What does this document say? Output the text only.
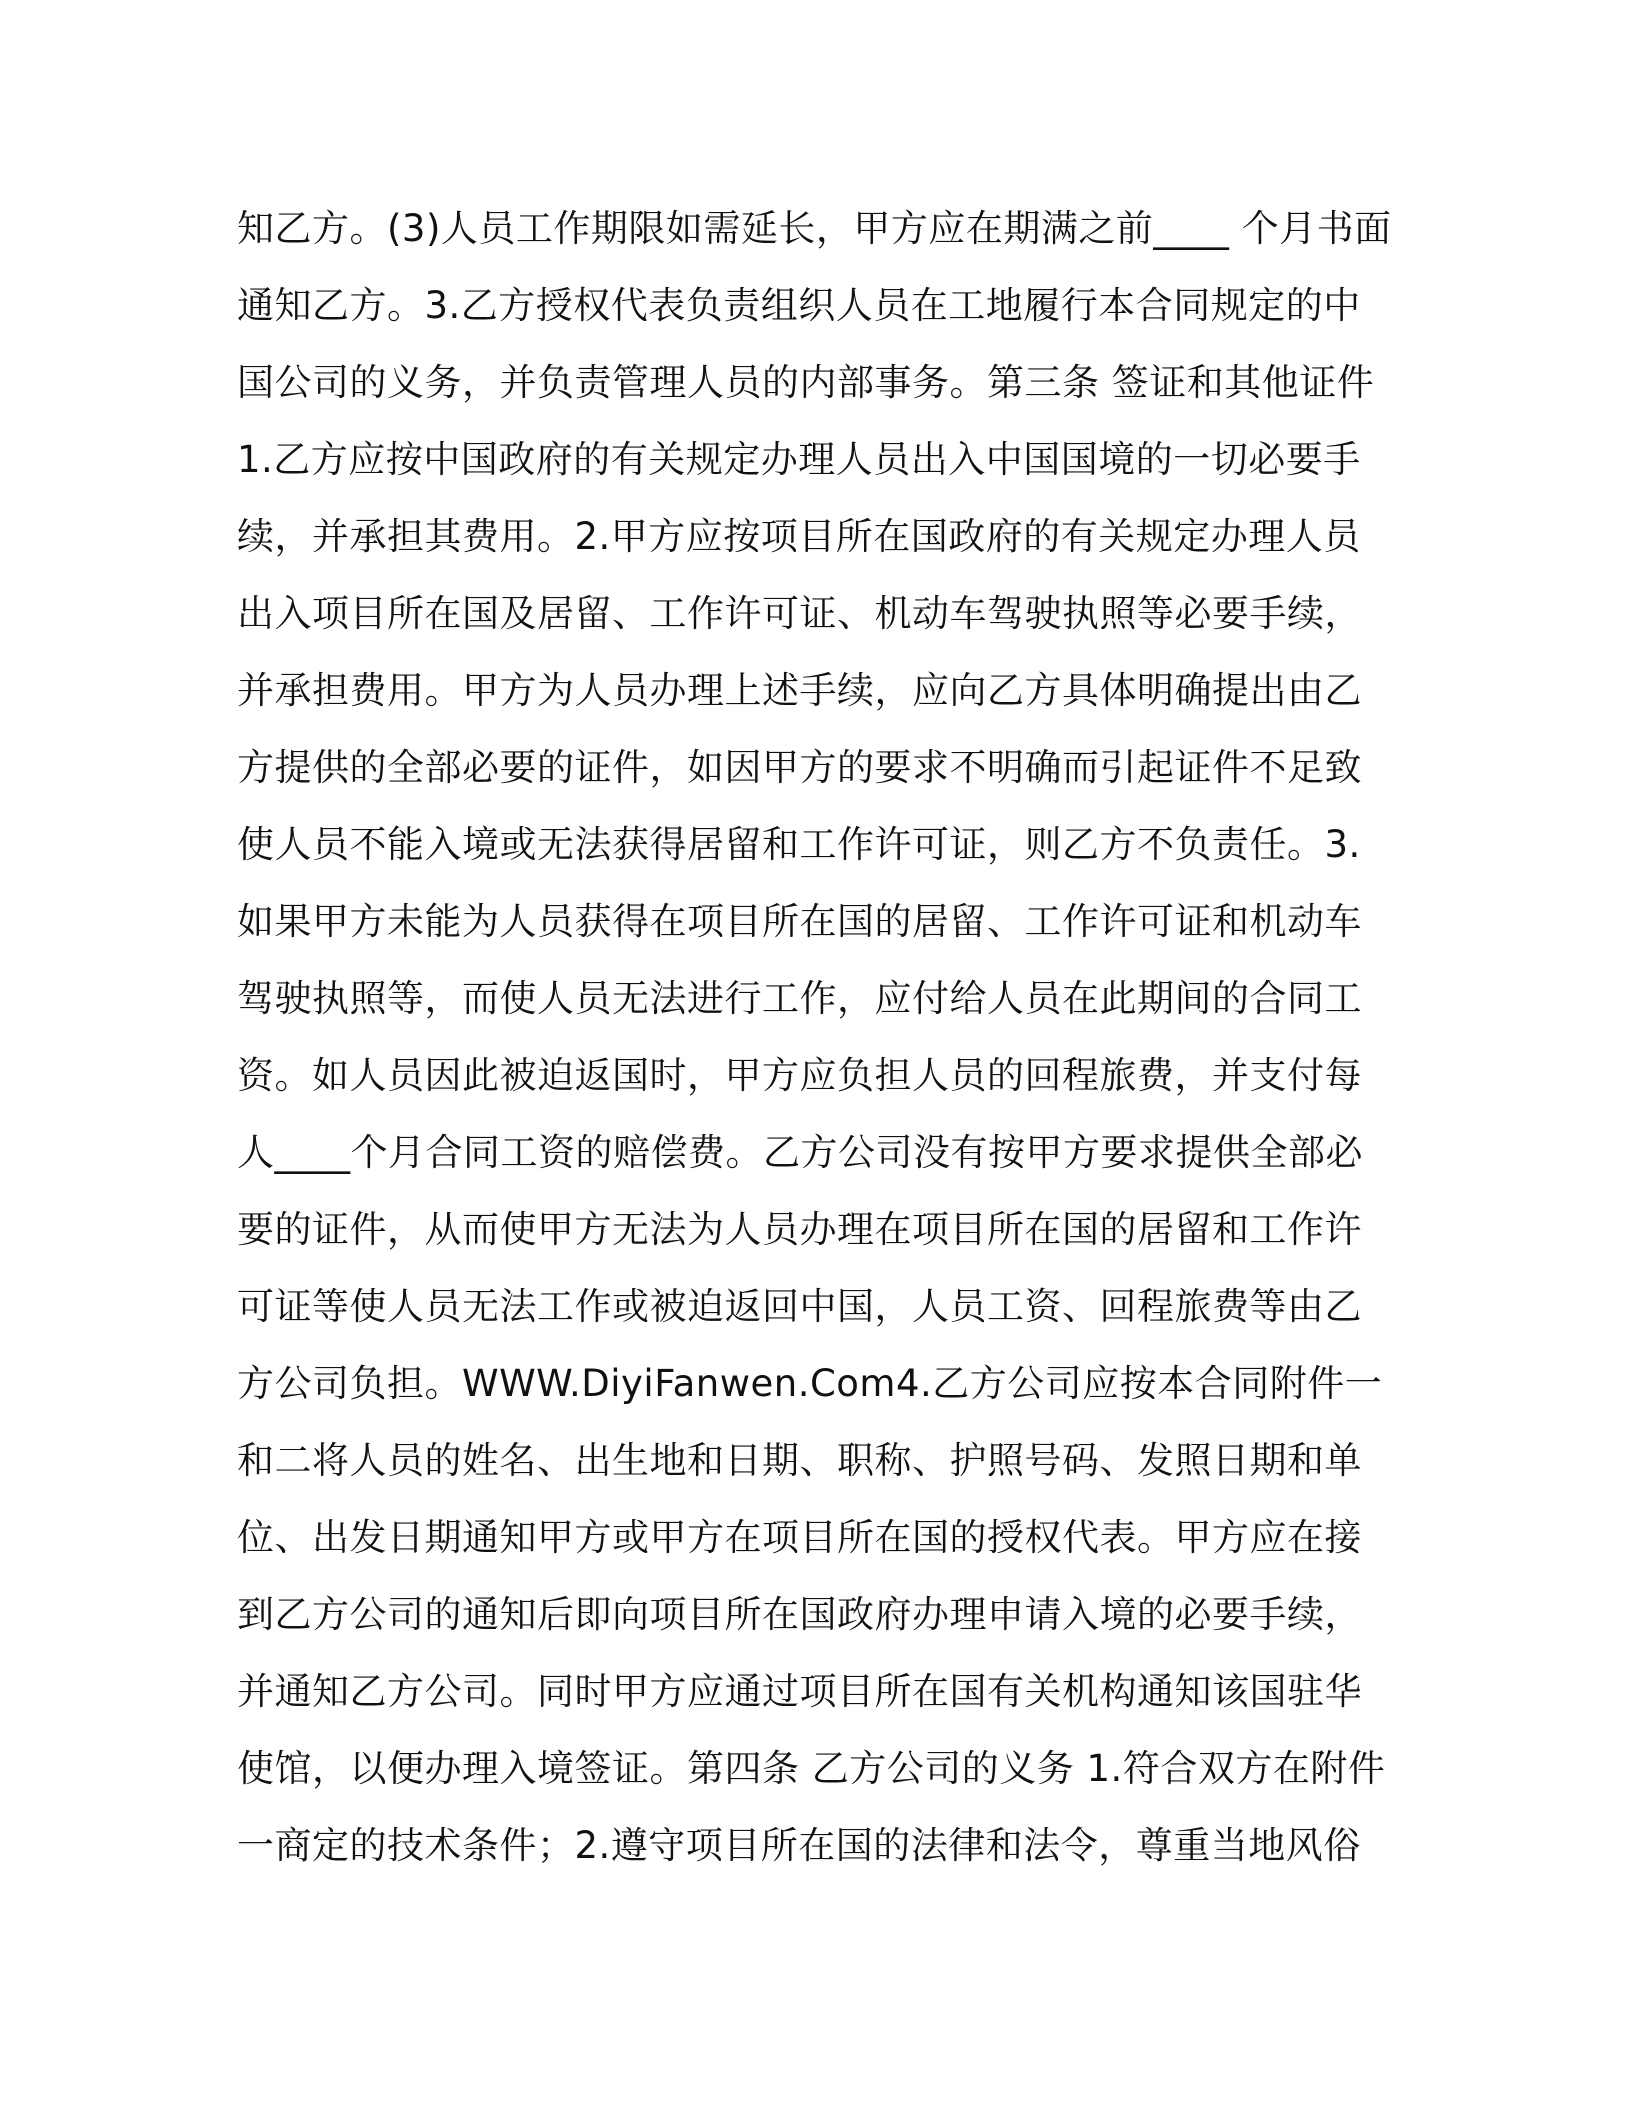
知乙方。(3)人员工作期限如需延长，甲方应在期满之前____ 个月书面
通知乙方。3.乙方授权代表负责组织人员在工地履行本合同规定的中
国公司的义务，并负责管理人员的内部事务。第三条 签证和其他证件
1.乙方应按中国政府的有关规定办理人员出入中国国境的一切必要手
续，并承担其费用。2.甲方应按项目所在国政府的有关规定办理人员
出入项目所在国及居留、工作许可证、机动车驾驶执照等必要手续，
并承担费用。甲方为人员办理上述手续，应向乙方具体明确提出由乙
方提供的全部必要的证件，如因甲方的要求不明确而引起证件不足致
使人员不能入境或无法获得居留和工作许可证，则乙方不负责任。3.
如果甲方未能为人员获得在项目所在国的居留、工作许可证和机动车
驾驶执照等，而使人员无法进行工作，应付给人员在此期间的合同工
资。如人员因此被迫返国时，甲方应负担人员的回程旅费，并支付每
人____个月合同工资的赔偿费。乙方公司没有按甲方要求提供全部必
要的证件，从而使甲方无法为人员办理在项目所在国的居留和工作许
可证等使人员无法工作或被迫返回中国，人员工资、回程旅费等由乙
方公司负担。WWW.DiyiFanwen.Com4.乙方公司应按本合同附件一
和二将人员的姓名、出生地和日期、职称、护照号码、发照日期和单
位、出发日期通知甲方或甲方在项目所在国的授权代表。甲方应在接
到乙方公司的通知后即向项目所在国政府办理申请入境的必要手续，
并通知乙方公司。同时甲方应通过项目所在国有关机构通知该国驻华
使馆，以便办理入境签证。第四条 乙方公司的义务 1.符合双方在附件
一商定的技术条件；2.遵守项目所在国的法律和法令，尊重当地风俗
